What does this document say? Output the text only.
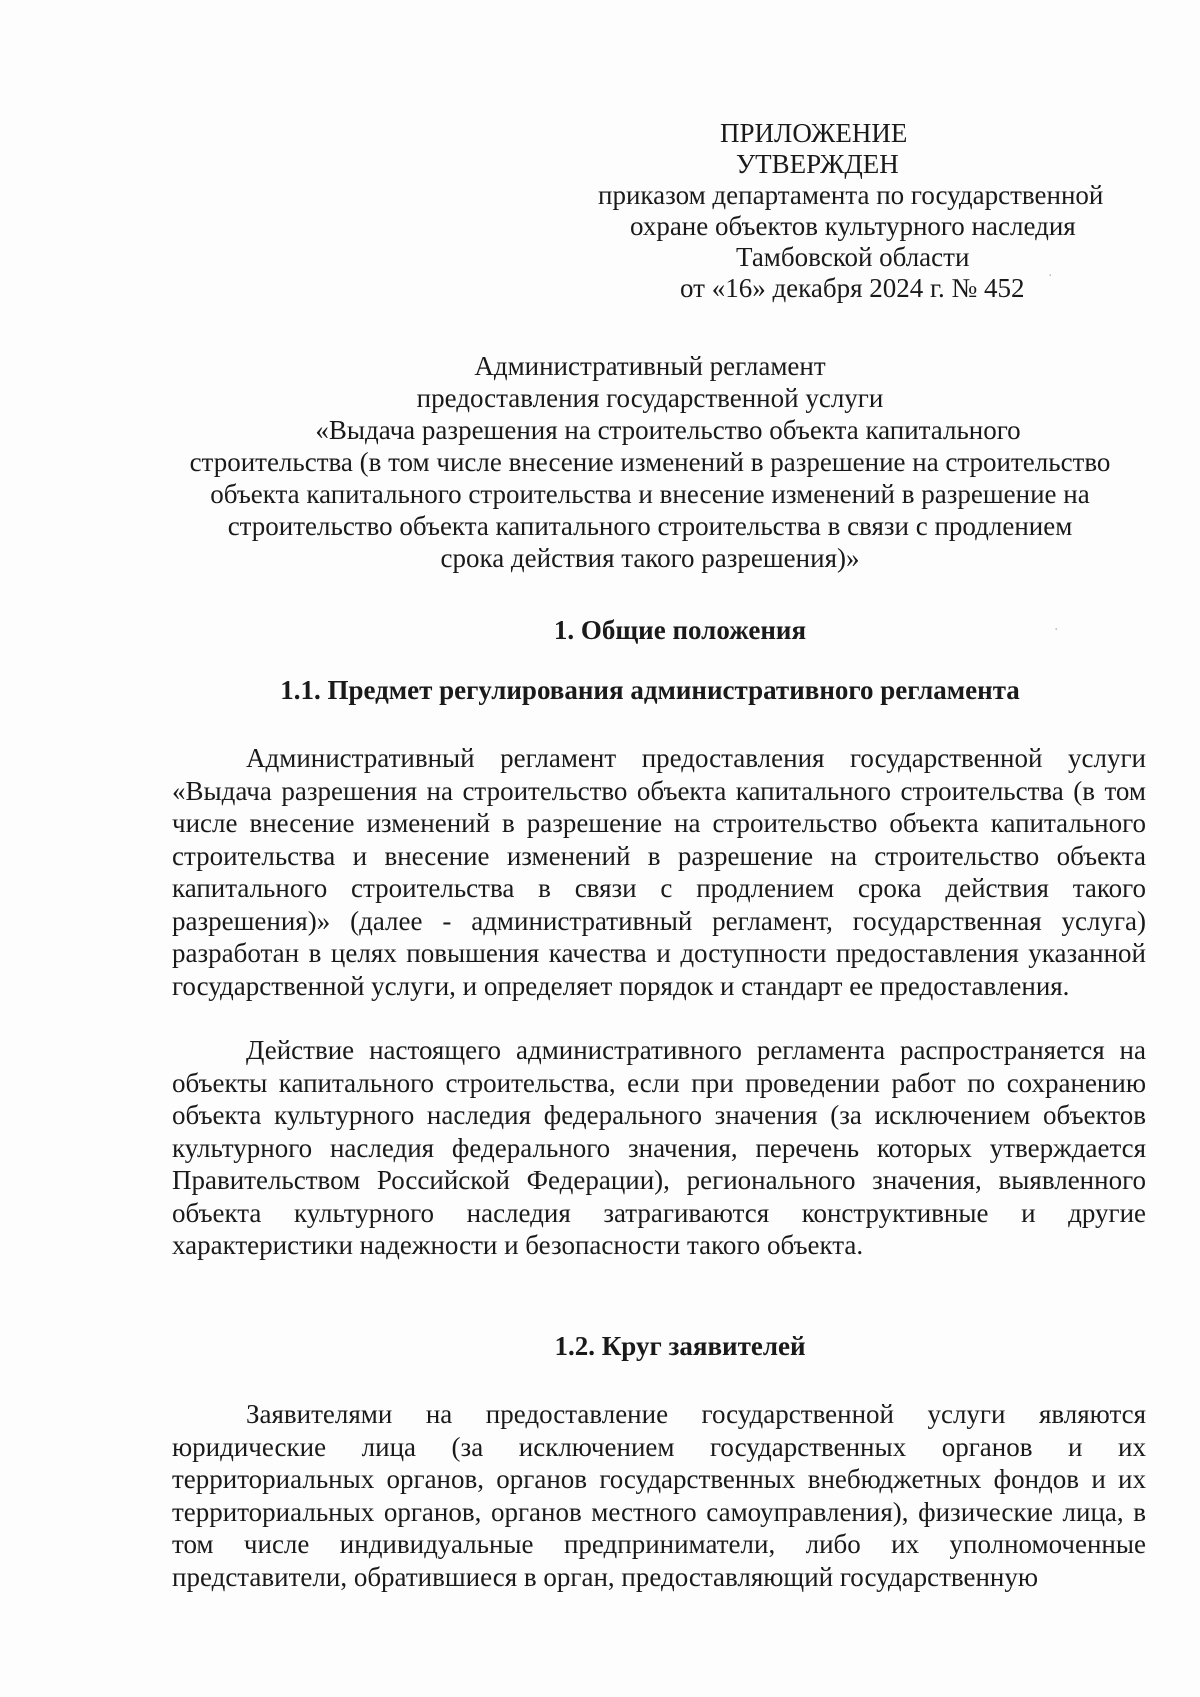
ПРИЛОЖЕНИЕ
УТВЕРЖДЕН
приказом департамента по государственной
охране объектов культурного наследия
Тамбовской области
от «16» декабря 2024 г. № 452
Административный регламент
предоставления государственной услуги
«Выдача разрешения на строительство объекта капитального
строительства (в том числе внесение изменений в разрешение на строительство
объекта капитального строительства и внесение изменений в разрешение на
строительство объекта капитального строительства в связи с продлением
срока действия такого разрешения)»
1. Общие положения
1.1. Предмет регулирования административного регламента

Административный регламент предоставления государственной услуги «Выдача разрешения на строительство объекта капитального строительства (в том числе внесение изменений в разрешение на строительство объекта капитального строительства и внесение изменений в разрешение на строительство объекта капитального строительства в связи с продлением срока действия такого разрешения)» (далее - административный регламент, государственная услуга) разработан в целях повышения качества и доступности предоставления указанной государственной услуги, и определяет порядок и стандарт ее предоставления.

Действие настоящего административного регламента распространяется на объекты капитального строительства, если при проведении работ по сохранению объекта культурного наследия федерального значения (за исключением объектов культурного наследия федерального значения, перечень которых утверждается Правительством Российской Федерации), регионального значения, выявленного объекта культурного наследия затрагиваются конструктивные и другие характеристики надежности и безопасности такого объекта.

1.2. Круг заявителей

Заявителями на предоставление государственной услуги являются юридические лица (за исключением государственных органов и их территориальных органов, органов государственных внебюджетных фондов и их территориальных органов, органов местного самоуправления), физические лица, в том числе индивидуальные предприниматели, либо их уполномоченные представители, обратившиеся в орган, предоставляющий государственную

·
·
